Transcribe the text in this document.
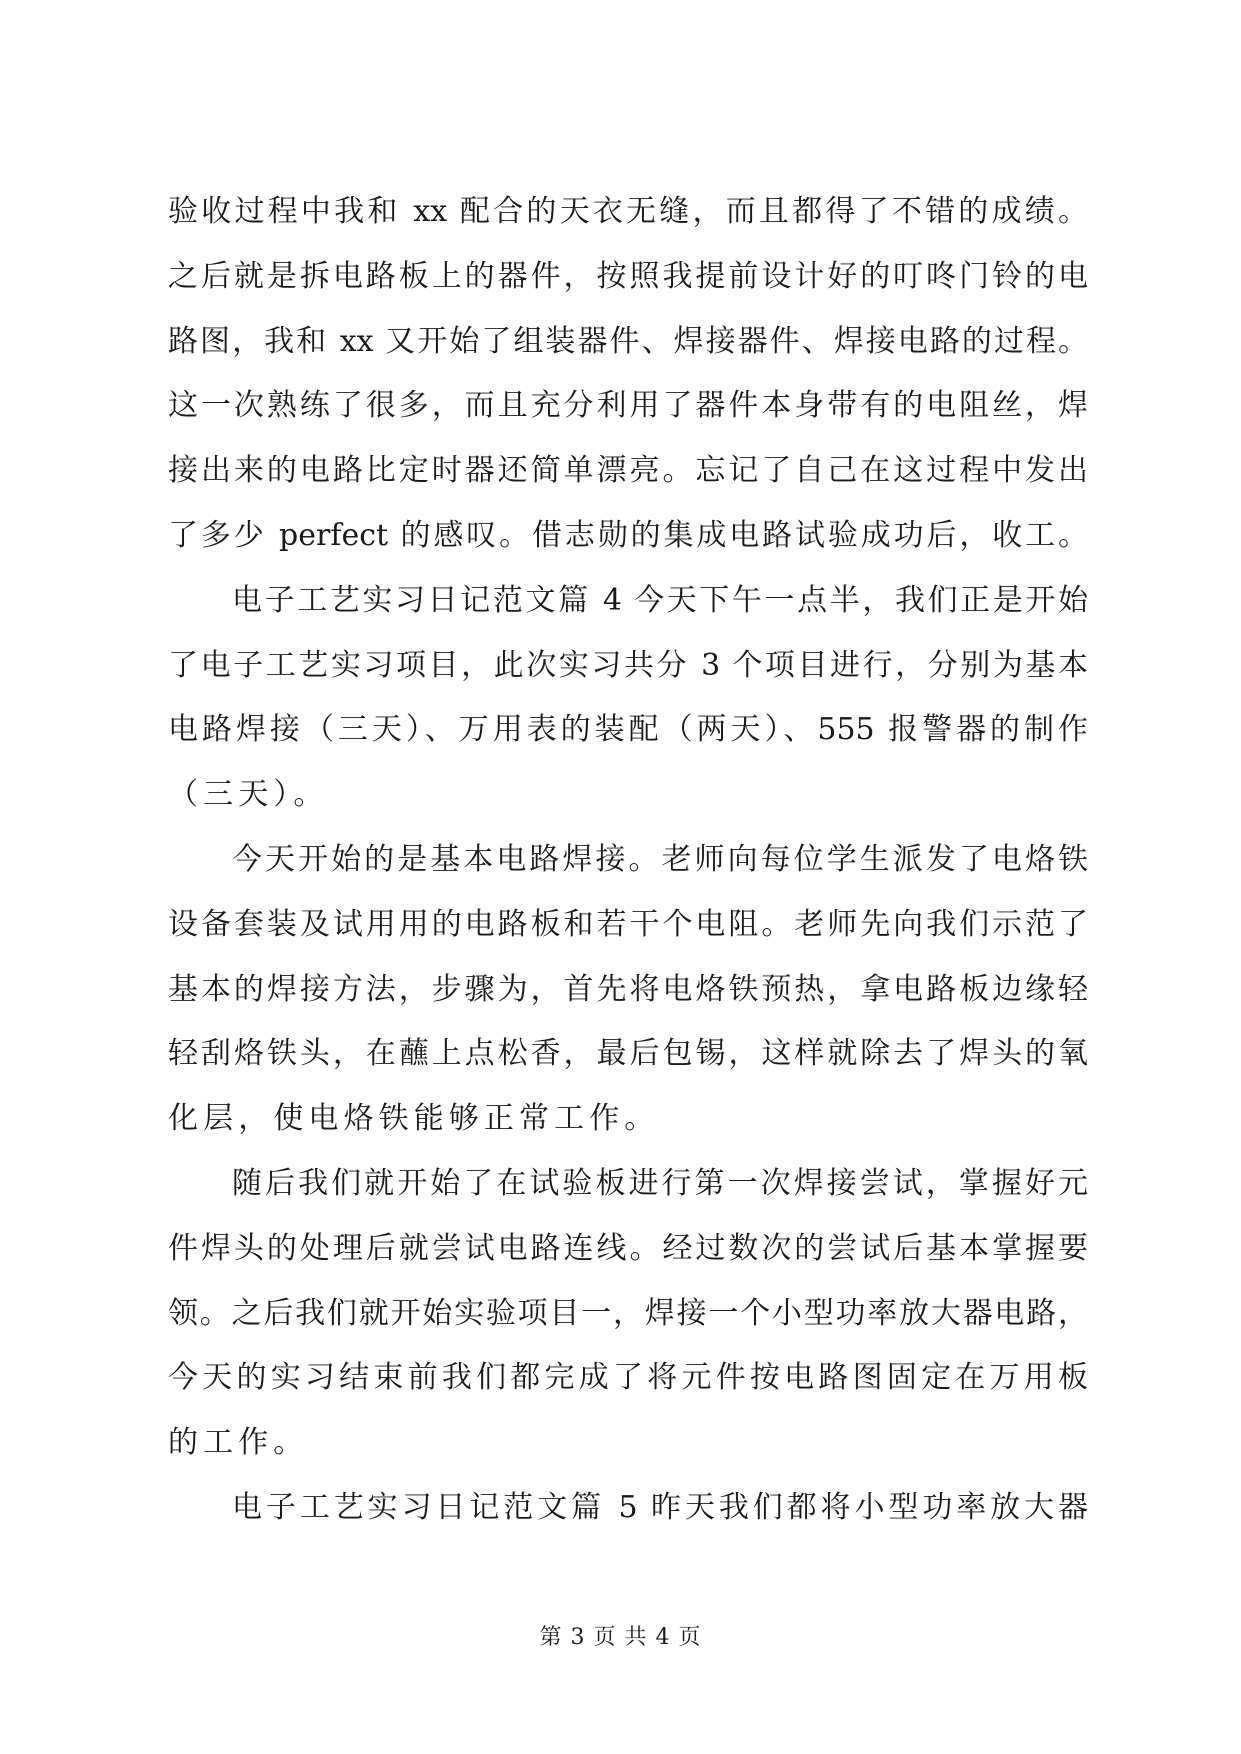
验收过程中我和 xx 配合的天衣无缝，而且都得了不错的成绩。
之后就是拆电路板上的器件，按照我提前设计好的叮咚门铃的电
路图，我和 xx 又开始了组装器件、焊接器件、焊接电路的过程。
这一次熟练了很多，而且充分利用了器件本身带有的电阻丝，焊
接出来的电路比定时器还简单漂亮。忘记了自己在这过程中发出
了多少 perfect 的感叹。借志勋的集成电路试验成功后，收工。
电子工艺实习日记范文篇 4 今天下午一点半，我们正是开始
了电子工艺实习项目，此次实习共分 3 个项目进行，分别为基本
电路焊接（三天）、万用表的装配（两天）、555 报警器的制作
（三天）。
今天开始的是基本电路焊接。老师向每位学生派发了电烙铁
设备套装及试用用的电路板和若干个电阻。老师先向我们示范了
基本的焊接方法，步骤为，首先将电烙铁预热，拿电路板边缘轻
轻刮烙铁头，在蘸上点松香，最后包锡，这样就除去了焊头的氧
化层，使电烙铁能够正常工作。
随后我们就开始了在试验板进行第一次焊接尝试，掌握好元
件焊头的处理后就尝试电路连线。经过数次的尝试后基本掌握要
领。之后我们就开始实验项目一，焊接一个小型功率放大器电路，
今天的实习结束前我们都完成了将元件按电路图固定在万用板
的工作。
电子工艺实习日记范文篇 5 昨天我们都将小型功率放大器
第 3 页 共 4 页
